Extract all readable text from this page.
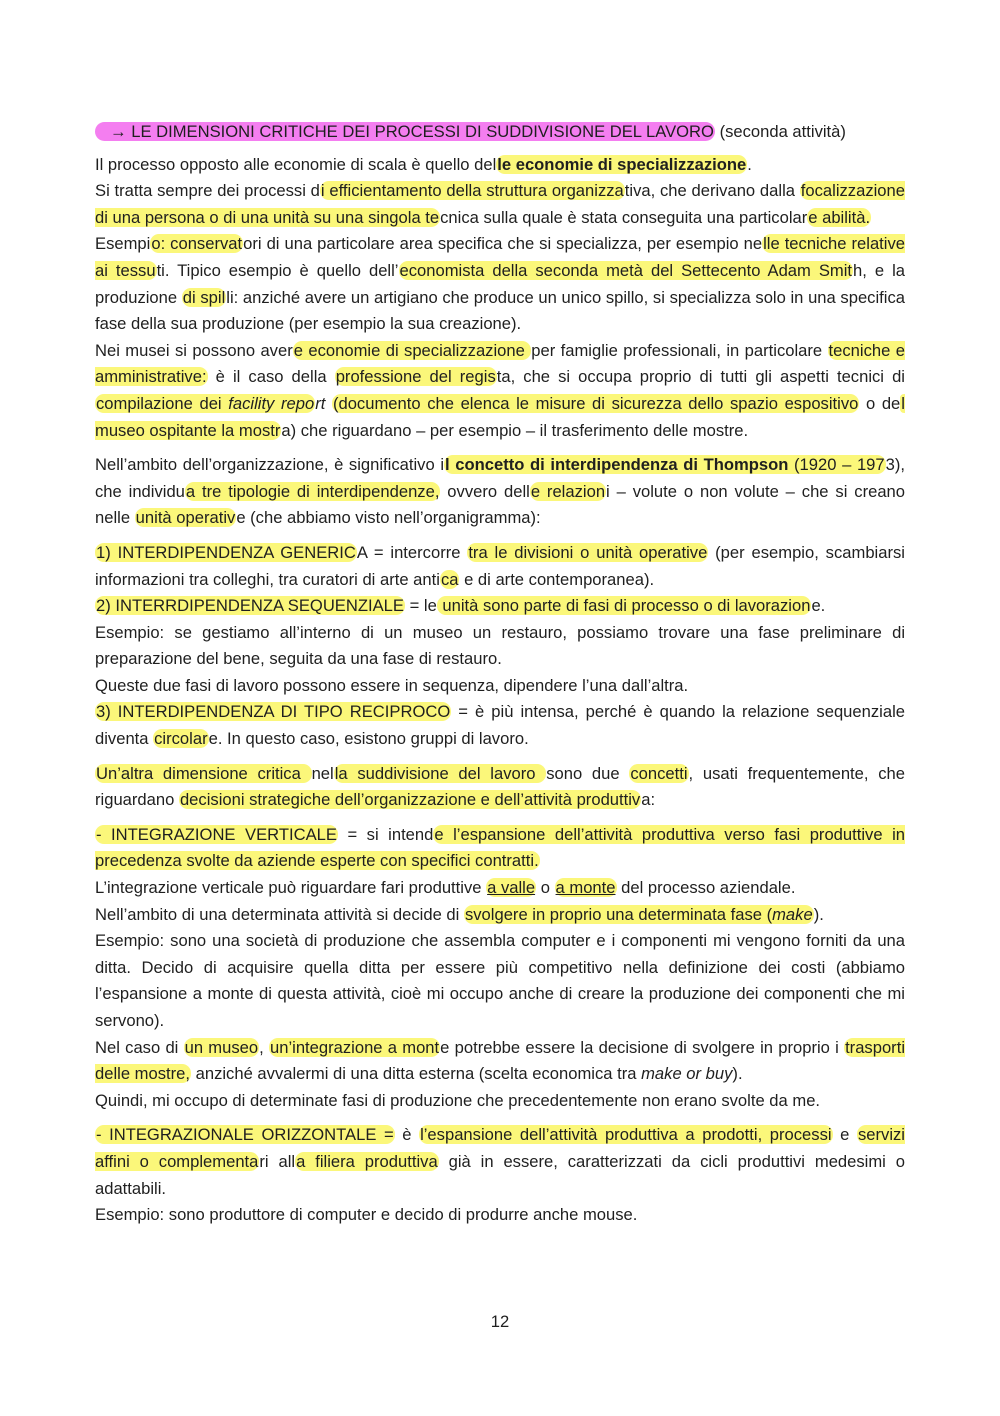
→ LE DIMENSIONI CRITICHE DEI PROCESSI DI SUDDIVISIONE DEL LAVORO (seconda attività)

Il processo opposto alle economie di scala è quello delle economie di specializzazione.

Si tratta sempre dei processi di efficientamento della struttura organizzativa, che derivano dalla focalizzazione di una persona o di una unità su una singola tecnica sulla quale è stata conseguita una particolare abilità.

Esempio: conservatori di una particolare area specifica che si specializza, per esempio nelle tecniche relative ai tessuti. Tipico esempio è quello dell’economista della seconda metà del Settecento Adam Smith, e la produzione di spilli: anziché avere un artigiano che produce un unico spillo, si specializza solo in una specifica fase della sua produzione (per esempio la sua creazione).

Nei musei si possono avere economie di specializzazione per famiglie professionali, in particolare tecniche e amministrative: è il caso della professione del regista, che si occupa proprio di tutti gli aspetti tecnici di compilazione dei facility report (documento che elenca le misure di sicurezza dello spazio espositivo o del museo ospitante la mostra) che riguardano – per esempio – il trasferimento delle mostre.

Nell’ambito dell’organizzazione, è significativo il concetto di interdipendenza di Thompson (1920 – 1973), che individua tre tipologie di interdipendenze, ovvero delle relazioni – volute o non volute – che si creano nelle unità operative (che abbiamo visto nell’organigramma):

1) INTERDIPENDENZA GENERICA = intercorre tra le divisioni o unità operative (per esempio, scambiarsi informazioni tra colleghi, tra curatori di arte antica e di arte contemporanea).

2) INTERRDIPENDENZA SEQUENZIALE = le unità sono parte di fasi di processo o di lavorazione.

Esempio: se gestiamo all’interno di un museo un restauro, possiamo trovare una fase preliminare di preparazione del bene, seguita da una fase di restauro.

Queste due fasi di lavoro possono essere in sequenza, dipendere l’una dall’altra.

3) INTERDIPENDENZA DI TIPO RECIPROCO = è più intensa, perché è quando la relazione sequenziale diventa circolare. In questo caso, esistono gruppi di lavoro.

Un’altra dimensione critica nella suddivisione del lavoro sono due concetti, usati frequentemente, che riguardano decisioni strategiche dell’organizzazione e dell’attività produttiva:

- INTEGRAZIONE VERTICALE = si intende l’espansione dell’attività produttiva verso fasi produttive in precedenza svolte da aziende esperte con specifici contratti.

L’integrazione verticale può riguardare fari produttive a valle o a monte del processo aziendale.

Nell’ambito di una determinata attività si decide di svolgere in proprio una determinata fase (make).

Esempio: sono una società di produzione che assembla computer e i componenti mi vengono forniti da una ditta. Decido di acquisire quella ditta per essere più competitivo nella definizione dei costi (abbiamo l’espansione a monte di questa attività, cioè mi occupo anche di creare la produzione dei componenti che mi servono).

Nel caso di un museo, un’integrazione a monte potrebbe essere la decisione di svolgere in proprio i trasporti delle mostre, anziché avvalermi di una ditta esterna (scelta economica tra make or buy).

Quindi, mi occupo di determinate fasi di produzione che precedentemente non erano svolte da me.

- INTEGRAZIONALE ORIZZONTALE = è l’espansione dell’attività produttiva a prodotti, processi e servizi affini o complementari alla filiera produttiva già in essere, caratterizzati da cicli produttivi medesimi o adattabili.

Esempio: sono produttore di computer e decido di produrre anche mouse.

12
